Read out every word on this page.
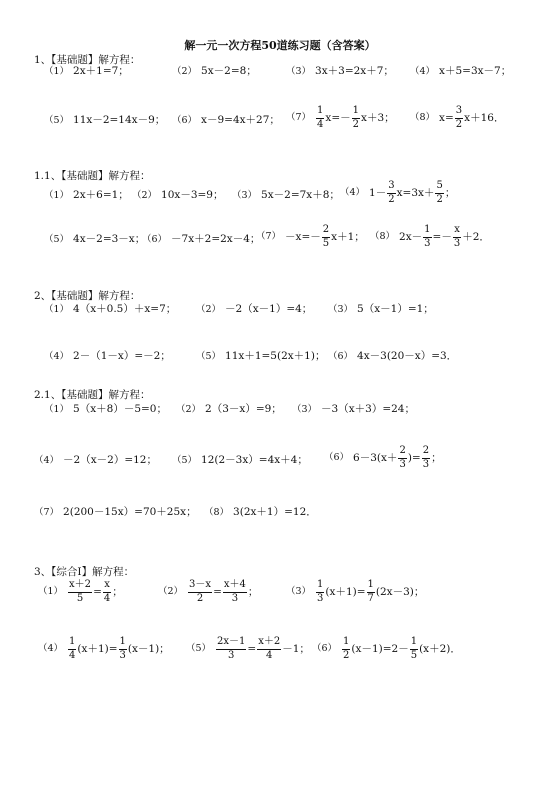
解一元一次方程50道练习题（含答案）
1、【基础题】解方程：
（1） 2x＋1=7；	（2） 5x－2=8；	（3） 3x＋3=2x＋7； （4） x＋5=3x－7；
（5） 11x－2=14x－9； （6） x－9=4x＋27； $(7) \frac{1}{4} x=- \frac{1}{2} x+3$； （8） $x= \frac{3}{2} x+16$．
1.1、【基础题】解方程：
（1） 2x＋6=1； （2） 10x－3=9； （3） 5x－2=7x＋8； （4） $1- \frac{3}{2} x=3x+ \frac{5}{2}$ ；
（5） 4x－2=3－x；
（6） －7x＋2=2x－4；
$(7) -x=- \frac{2}{5} x+1$； （8） $2x- \frac{1}{3} =- \frac{x}{3} +2$．
2、【基础题】解方程：
（1） 4（x＋0.5）＋x=7； （2） －2（x－1）=4； （3） 5（x－1）=1；
（4） 2－（1－x）=－2；	（5） 11x＋1=5(2x＋1)； （6） 4x－3(20－x）=3．
2.1、【基础题】解方程：
（1） 5（x＋8）－5=0； （2） 2（3－x）=9； （3） －3（x＋3）=24；
（4） －2（x－2）=12； （5） 12(2－3x）=4x＋4； （6） $6-3(x+ \frac{2}{3}$ )= $\frac{2}{3}$ ；
（7） 2(200－15x）=70＋25x； （8） 3(2x＋1）=12．
3、【综合Ⅰ】解方程：
$(1) \frac{x+2}{5} = \frac{x}{4}$ ；	$(2) \frac{3-x}{2} = \frac{x+4}{3}$ ；	$(3) \frac{1}{3} (x+1)= \frac{1}{7} (2x-3)$；
$(4) \frac{1}{4} (x+1)= \frac{1}{3} (x-1)$； $(5) \frac{2x-1}{3} = \frac{x+2}{4} -1$； $(6) \frac{1}{2} (x-1)=2- \frac{1}{5} (x+2)$．
